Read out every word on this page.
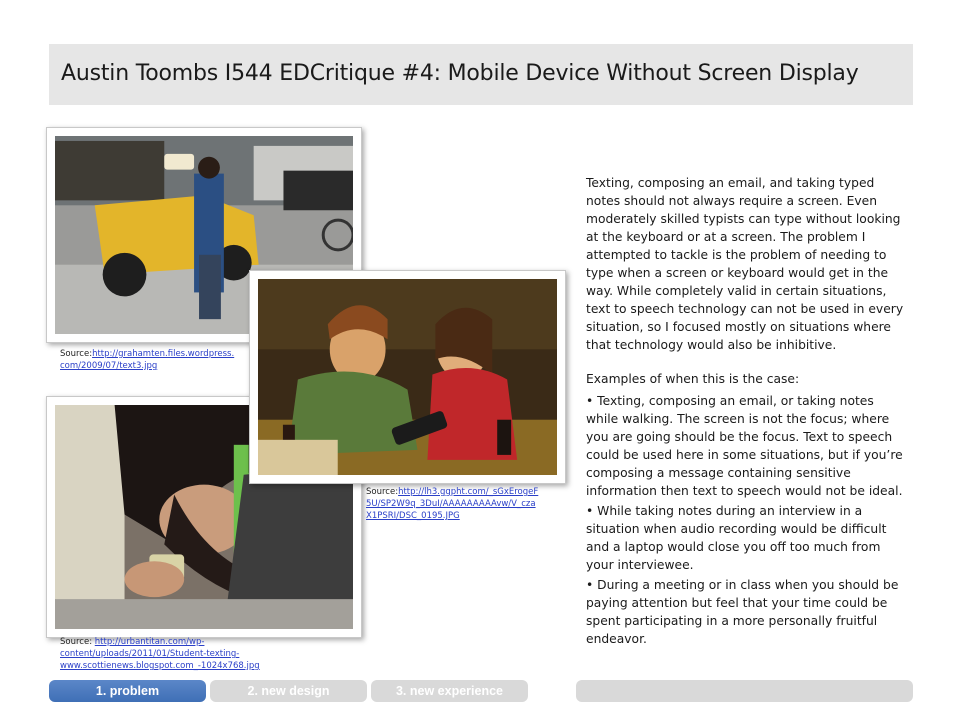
Austin Toombs I544 EDCritique #4: Mobile Device Without Screen Display
Source:http://grahamten.files.wordpress.
com/2009/07/text3.jpg
Source: http://urbantitan.com/wp-
content/uploads/2011/01/Student-texting-
www.scottienews.blogspot.com_-1024x768.jpg
Source:http://lh3.ggpht.com/_sGxErogeF
5U/SP2W9q_3DuI/AAAAAAAAAvw/V_cza
X1PSRI/DSC_0195.JPG

Texting, composing an email, and taking typed notes should not always require a screen. Even moderately skilled typists can type without looking at the keyboard or at a screen. The problem I attempted to tackle is the problem of needing to type when a screen or keyboard would get in the way. While completely valid in certain situations, text to speech technology can not be used in every situation, so I focused mostly on situations where that technology would also be inhibitive.

Examples of when this is the case:

• Texting, composing an email, or taking notes while walking. The screen is not the focus; where you are going should be the focus. Text to speech could be used here in some situations, but if you’re composing a message containing sensitive information then text to speech would not be ideal.

• While taking notes during an interview in a situation when audio recording would be difficult and a laptop would close you off too much from your interviewee.

• During a meeting or in class when you should be paying attention but feel that your time could be spent participating in a more personally fruitful endeavor.

1. problem	2. new design	3. new experience
